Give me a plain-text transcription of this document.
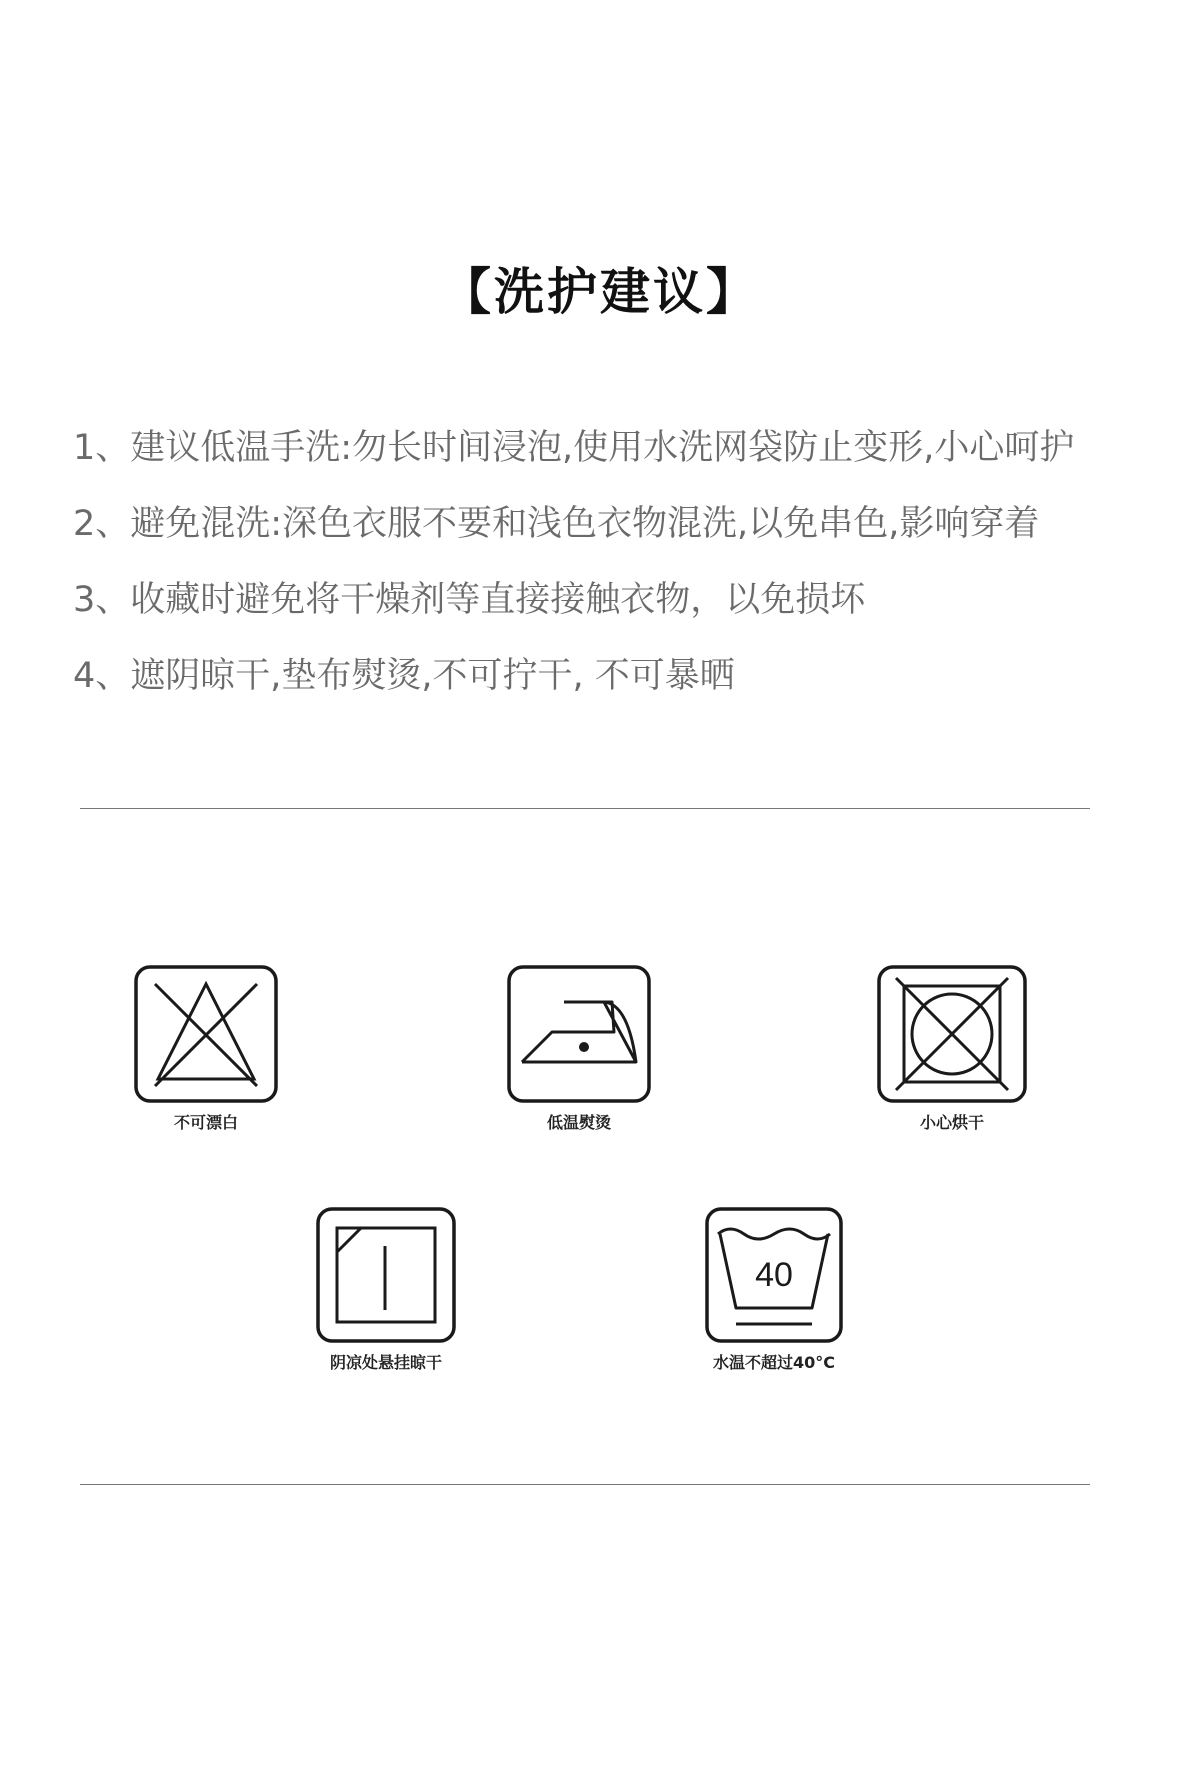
【洗护建议】
1、建议低温手洗:勿长时间浸泡,使用水洗网袋防止变形,小心呵护
2、避免混洗:深色衣服不要和浅色衣物混洗,以免串色,影响穿着
3、收藏时避免将干燥剂等直接接触衣物，以免损坏
4、遮阴晾干,垫布熨烫,不可拧干, 不可暴晒
不可漂白	低温熨烫	小心烘干
阴凉处悬挂晾干
40
水温不超过40°C
